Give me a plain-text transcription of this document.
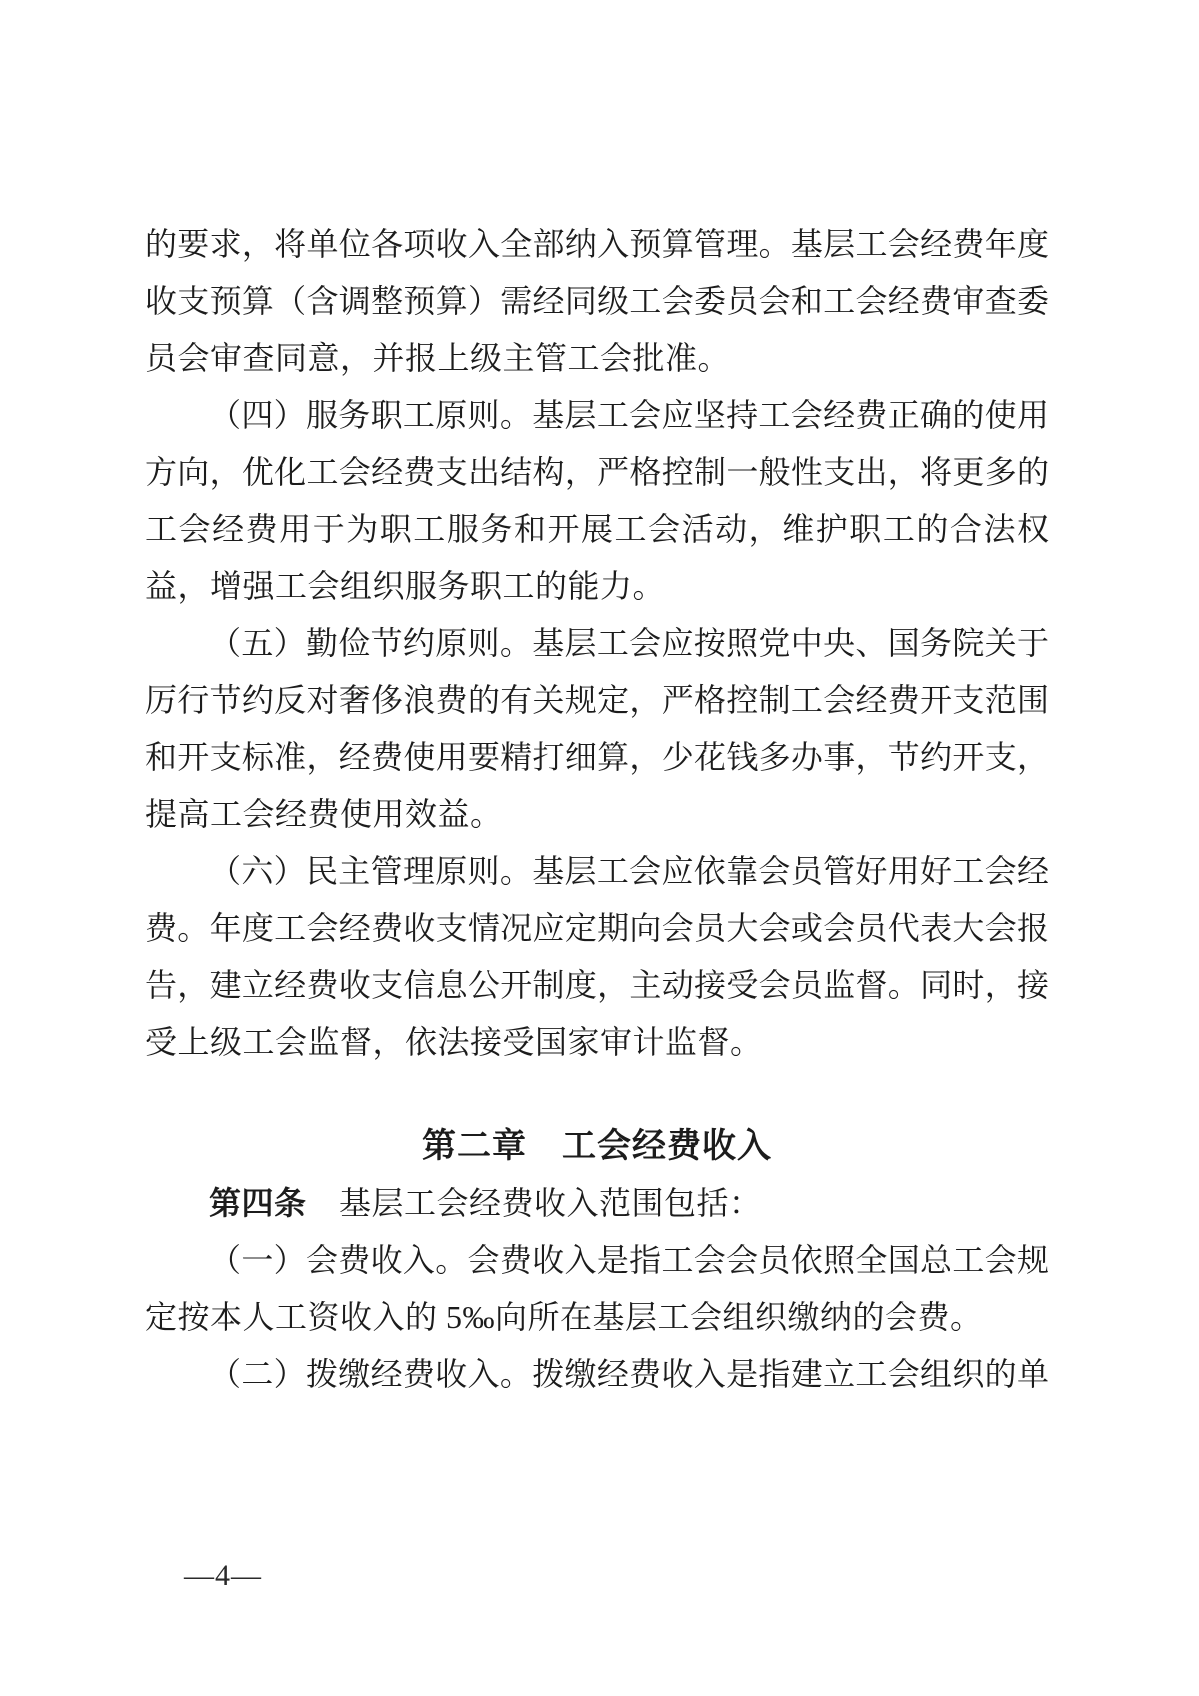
的要求，将单位各项收入全部纳入预算管理。基层工会经费年度
收支预算（含调整预算）需经同级工会委员会和工会经费审查委
员会审查同意，并报上级主管工会批准。
（四）服务职工原则。基层工会应坚持工会经费正确的使用
方向，优化工会经费支出结构，严格控制一般性支出，将更多的
工会经费用于为职工服务和开展工会活动，维护职工的合法权
益，增强工会组织服务职工的能力。
（五）勤俭节约原则。基层工会应按照党中央、国务院关于
厉行节约反对奢侈浪费的有关规定，严格控制工会经费开支范围
和开支标准，经费使用要精打细算，少花钱多办事，节约开支，
提高工会经费使用效益。
（六）民主管理原则。基层工会应依靠会员管好用好工会经
费。年度工会经费收支情况应定期向会员大会或会员代表大会报
告，建立经费收支信息公开制度，主动接受会员监督。同时，接
受上级工会监督，依法接受国家审计监督。
第二章　工会经费收入
第四条　基层工会经费收入范围包括：
（一）会费收入。会费收入是指工会会员依照全国总工会规
定按本人工资收入的 5‰向所在基层工会组织缴纳的会费。
（二）拨缴经费收入。拨缴经费收入是指建立工会组织的单
—4—
